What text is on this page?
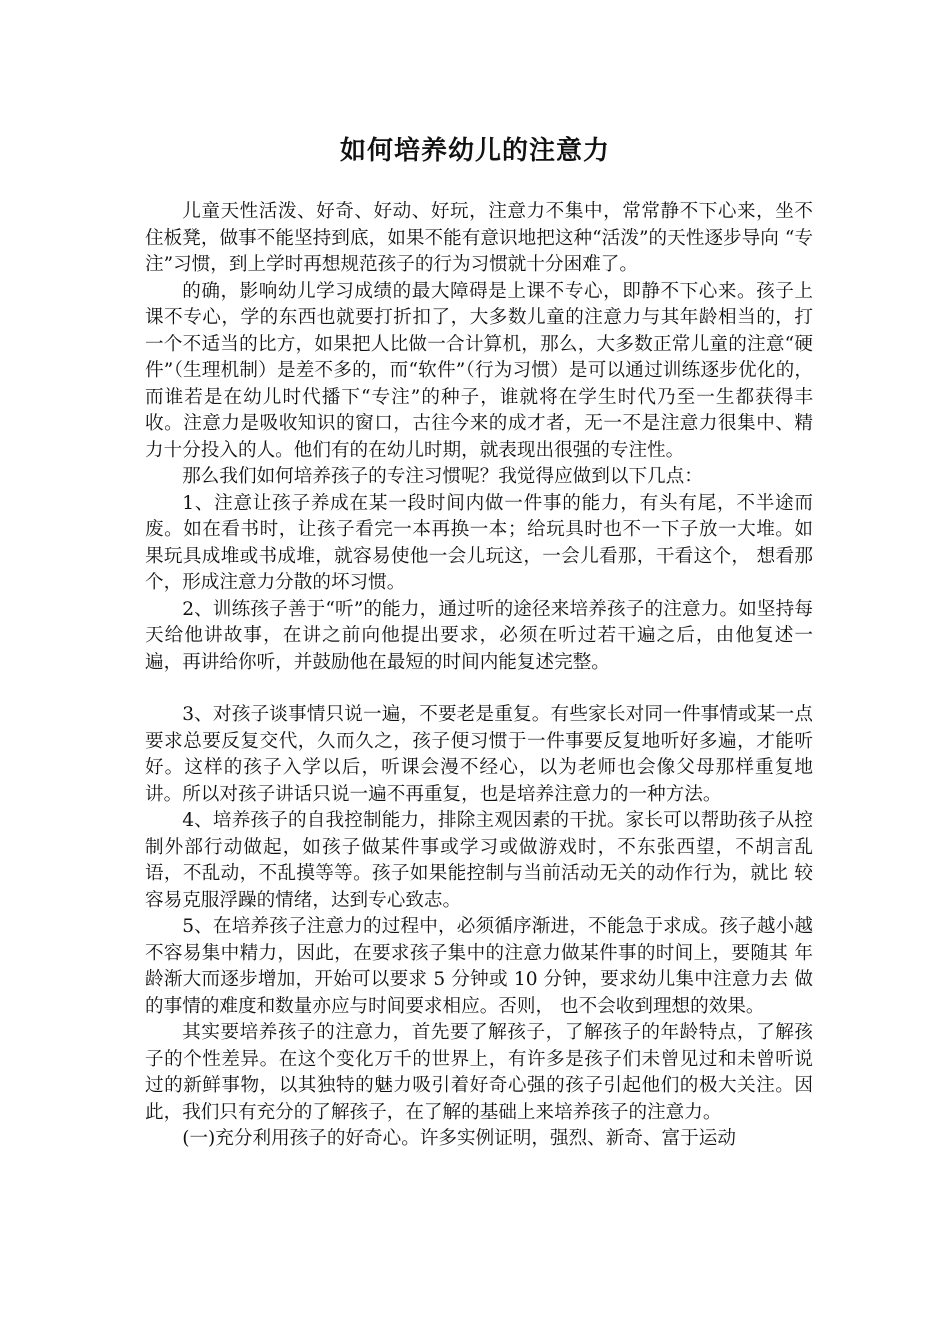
如何培养幼儿的注意力

儿童天性活泼、好奇、好动、好玩，注意力不集中，常常静不下心来，坐不住板凳，做事不能坚持到底，如果不能有意识地把这种“活泼”的天性逐步导向 “专注”习惯，到上学时再想规范孩子的行为习惯就十分困难了。

的确，影响幼儿学习成绩的最大障碍是上课不专心，即静不下心来。孩子上课不专心，学的东西也就要打折扣了，大多数儿童的注意力与其年龄相当的，打一个不适当的比方，如果把人比做一合计算机，那么，大多数正常儿童的注意“硬件”（生理机制）是差不多的，而“软件”（行为习惯）是可以通过训练逐步优化的，而谁若是在幼儿时代播下“专注”的种子，谁就将在学生时代乃至一生都获得丰收。注意力是吸收知识的窗口，古往今来的成才者，无一不是注意力很集中、精力十分投入的人。他们有的在幼儿时期，就表现出很强的专注性。

那么我们如何培养孩子的专注习惯呢？我觉得应做到以下几点：

1、注意让孩子养成在某一段时间内做一件事的能力，有头有尾，不半途而废。如在看书时，让孩子看完一本再换一本；给玩具时也不一下子放一大堆。如果玩具成堆或书成堆，就容易使他一会儿玩这，一会儿看那，干看这个， 想看那个，形成注意力分散的坏习惯。

2、训练孩子善于“听”的能力，通过听的途径来培养孩子的注意力。如坚持每天给他讲故事，在讲之前向他提出要求，必须在听过若干遍之后，由他复述一遍，再讲给你听，并鼓励他在最短的时间内能复述完整。

3、对孩子谈事情只说一遍，不要老是重复。有些家长对同一件事情或某一点要求总要反复交代，久而久之，孩子便习惯于一件事要反复地听好多遍，才能听好。这样的孩子入学以后，听课会漫不经心，以为老师也会像父母那样重复地讲。所以对孩子讲话只说一遍不再重复，也是培养注意力的一种方法。

4、培养孩子的自我控制能力，排除主观因素的干扰。家长可以帮助孩子从控制外部行动做起，如孩子做某件事或学习或做游戏时，不东张西望，不胡言乱 语，不乱动，不乱摸等等。孩子如果能控制与当前活动无关的动作行为，就比 较容易克服浮躁的情绪，达到专心致志。

5、在培养孩子注意力的过程中，必须循序渐进，不能急于求成。孩子越小越不容易集中精力，因此，在要求孩子集中的注意力做某件事的时间上，要随其 年龄渐大而逐步增加，开始可以要求 5 分钟或 10 分钟，要求幼儿集中注意力去 做的事情的难度和数量亦应与时间要求相应。否则， 也不会收到理想的效果。

其实要培养孩子的注意力，首先要了解孩子，了解孩子的年龄特点，了解孩子的个性差异。在这个变化万千的世界上，有许多是孩子们未曾见过和未曾听说过的新鲜事物，以其独特的魅力吸引着好奇心强的孩子引起他们的极大关注。因此，我们只有充分的了解孩子，在了解的基础上来培养孩子的注意力。

(一)充分利用孩子的好奇心。许多实例证明，强烈、新奇、富于运动
